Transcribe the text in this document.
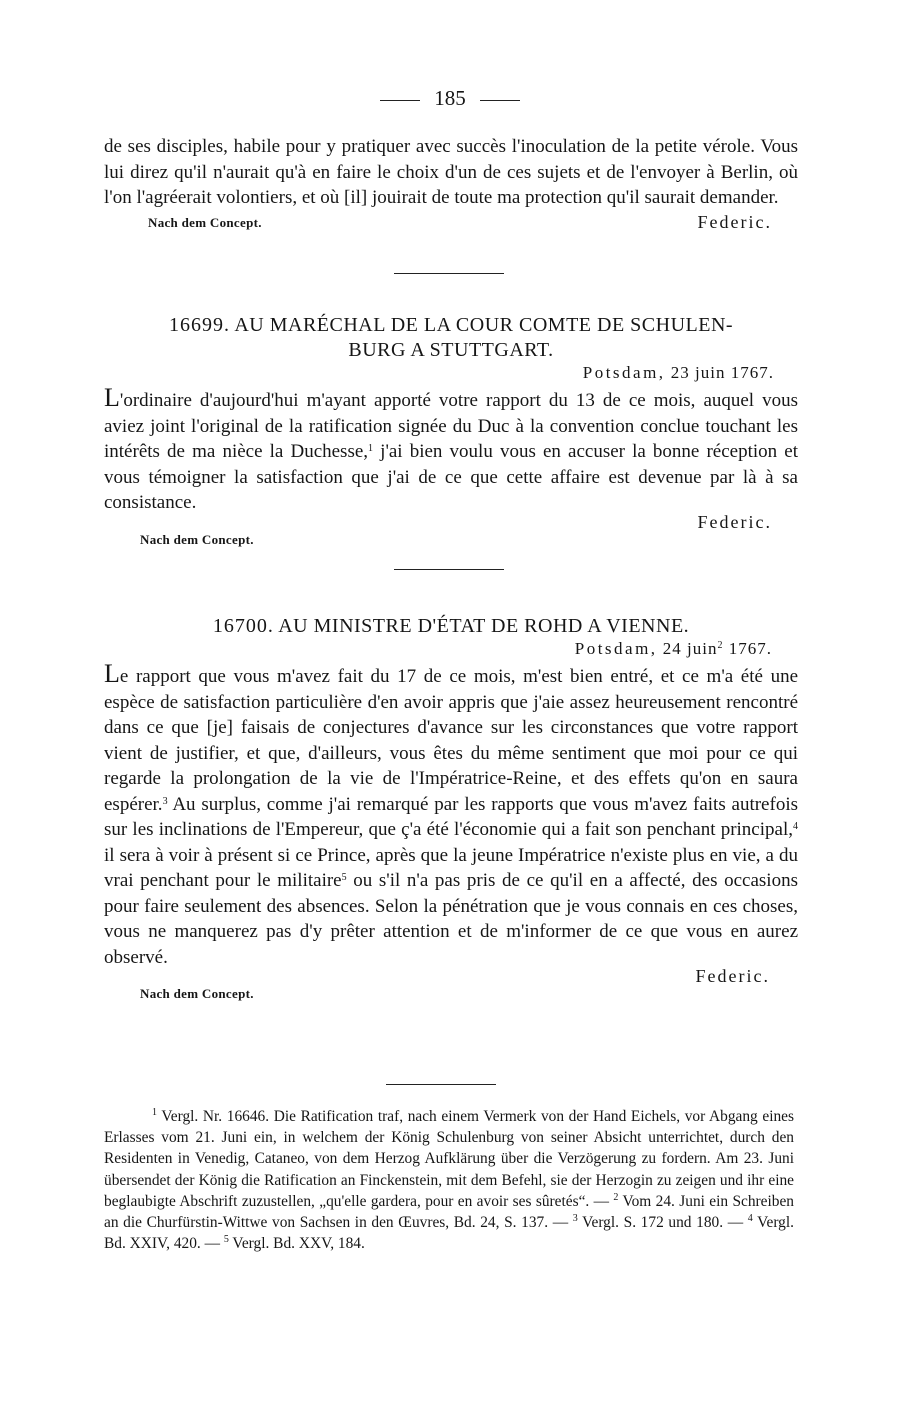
185

de ses disciples, habile pour y pratiquer avec succès l'inoculation de la petite vérole. Vous lui direz qu'il n'aurait qu'à en faire le choix d'un de ces sujets et de l'envoyer à Berlin, où l'on l'agréerait volontiers, et où [il] jouirait de toute ma protection qu'il saurait demander.

Nach dem Concept.	Federic.

16699. AU MARÉCHAL DE LA COUR COMTE DE SCHULEN-
BURG A STUTTGART.

Potsdam, 23 juin 1767.

L'ordinaire d'aujourd'hui m'ayant apporté votre rapport du 13 de ce mois, auquel vous aviez joint l'original de la ratification signée du Duc à la convention conclue touchant les intérêts de ma nièce la Duchesse,$^1$ j'ai bien voulu vous en accuser la bonne réception et vous témoigner la satisfaction que j'ai de ce que cette affaire est devenue par là à sa consistance.

Federic.
Nach dem Concept.

16700. AU MINISTRE D'ÉTAT DE ROHD A VIENNE.

Potsdam, 24 juin$^2$ 1767.

Le rapport que vous m'avez fait du 17 de ce mois, m'est bien entré, et ce m'a été une espèce de satisfaction particulière d'en avoir appris que j'aie assez heureusement rencontré dans ce que [je] faisais de conjectures d'avance sur les circonstances que votre rapport vient de justifier, et que, d'ailleurs, vous êtes du même sentiment que moi pour ce qui regarde la prolongation de la vie de l'Impératrice-Reine, et des effets qu'on en saura espérer.$^3$ Au surplus, comme j'ai remarqué par les rapports que vous m'avez faits autrefois sur les inclinations de l'Empereur, que ç'a été l'économie qui a fait son penchant principal,$^4$ il sera à voir à présent si ce Prince, après que la jeune Impératrice n'existe plus en vie, a du vrai penchant pour le militaire$^5$ ou s'il n'a pas pris de ce qu'il en a affecté, des occasions pour faire seulement des absences. Selon la pénétration que je vous connais en ces choses, vous ne manquerez pas d'y prêter attention et de m'informer de ce que vous en aurez observé.

Federic.
Nach dem Concept.

$^1$ Vergl. Nr. 16646. Die Ratification traf, nach einem Vermerk von der Hand Eichels, vor Abgang eines Erlasses vom 21. Juni ein, in welchem der König Schulenburg von seiner Absicht unterrichtet, durch den Residenten in Venedig, Cataneo, von dem Herzog Aufklärung über die Verzögerung zu fordern. Am 23. Juni übersendet der König die Ratification an Finckenstein, mit dem Befehl, sie der Herzogin zu zeigen und ihr eine beglaubigte Abschrift zuzustellen, „qu'elle gardera, pour en avoir ses sûretés“. — $^2$ Vom 24. Juni ein Schreiben an die Churfürstin-Wittwe von Sachsen in den Œuvres, Bd. 24, S. 137. — $^3$ Vergl. S. 172 und 180. — $^4$ Vergl. Bd. XXIV, 420. — $^5$ Vergl. Bd. XXV, 184.
